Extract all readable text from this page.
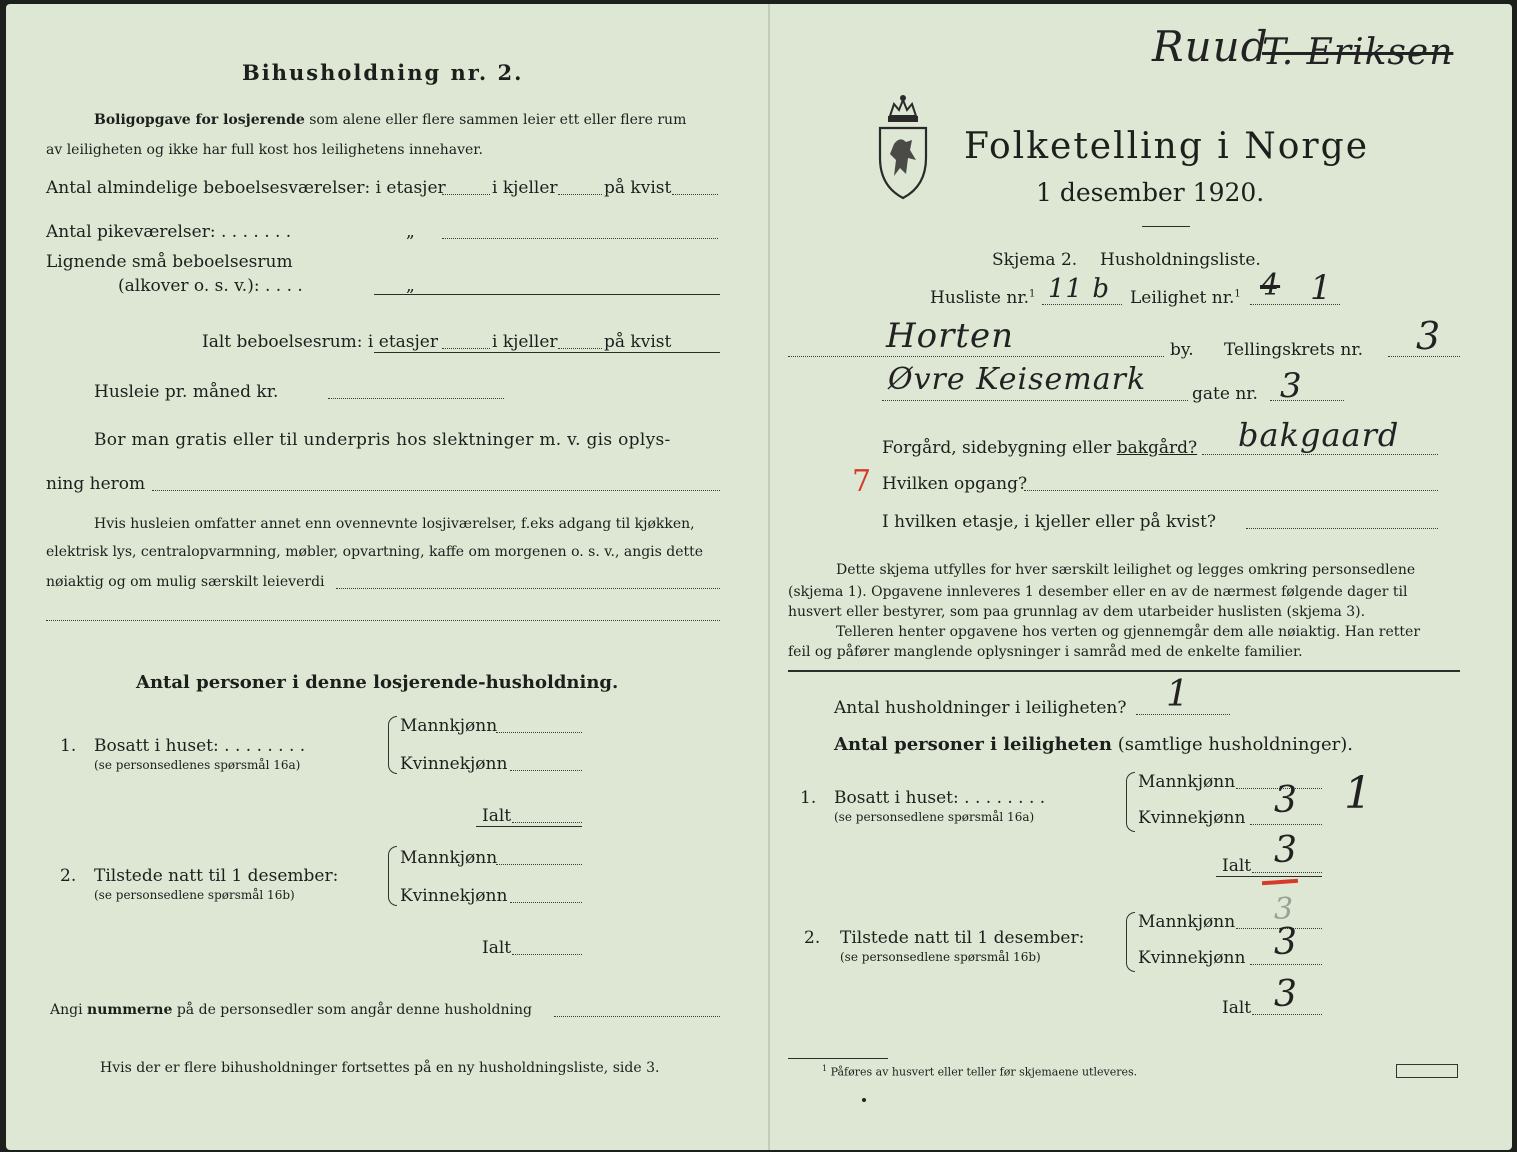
Bihusholdning nr. 2.
Boligopgave for losjerende som alene eller flere sammen leier ett eller flere rum
av leiligheten og ikke har full kost hos leilighetens innehaver.
Antal almindelige beboelsesværelser: i etasjer	i kjeller	på kvist
Antal pikeværelser: . . . . . . .	„
Lignende små beboelsesrum
(alkover o. s. v.): . . . .	„
Ialt beboelsesrum: i etasjer	i kjeller	på kvist
Husleie pr. måned kr.
Bor man gratis eller til underpris hos slektninger m. v. gis oplys-
ning herom
Hvis husleien omfatter annet enn ovennevnte losjiværelser, f.eks adgang til kjøkken,
elektrisk lys, centralopvarmning, møbler, opvartning, kaffe om morgenen o. s. v., angis dette
nøiaktig og om mulig særskilt leieverdi
Antal personer i denne losjerende-husholdning.
1. Bosatt i huset: . . . . . . . .
(se personsedlenes spørsmål 16a)
Mannkjønn
Kvinnekjønn
Ialt
2. Tilstede natt til 1 desember:
(se personsedlene spørsmål 16b)
Mannkjønn
Kvinnekjønn
Ialt
Angi nummerne på de personsedler som angår denne husholdning
Hvis der er flere bihusholdninger fortsettes på en ny husholdningsliste, side 3.
Folketelling i Norge
1 desember 1920.
Skjema 2. Husholdningsliste.
Husliste nr.$^1$ 11 b Leilighet nr.$^1$ 4 1
Horten	by. Tellingskrets nr. 3
Øvre Keisemark	gate nr. 3
Forgård, sidebygning eller bakgård? bakgaard
7 Hvilken opgang?
I hvilken etasje, i kjeller eller på kvist?
Dette skjema utfylles for hver særskilt leilighet og legges omkring personsedlene
(skjema 1). Opgavene innleveres 1 desember eller en av de nærmest følgende dager til
husvert eller bestyrer, som paa grunnlag av dem utarbeider huslisten (skjema 3).
Telleren henter opgavene hos verten og gjennemgår dem alle nøiaktig. Han retter
feil og påfører manglende oplysninger i samråd med de enkelte familier.
Antal husholdninger i leiligheten? 1
Antal personer i leiligheten (samtlige husholdninger).
1. Bosatt i huset: . . . . . . . .
(se personsedlene spørsmål 16a)
Mannkjønn
Kvinnekjønn 3 1
Ialt 3
2. Tilstede natt til 1 desember:
(se personsedlene spørsmål 16b)
Mannkjønn 3
Kvinnekjønn 3
Ialt 3
$^1$ Påføres av husvert eller teller før skjemaene utleveres.
Ruud
T. Eriksen
